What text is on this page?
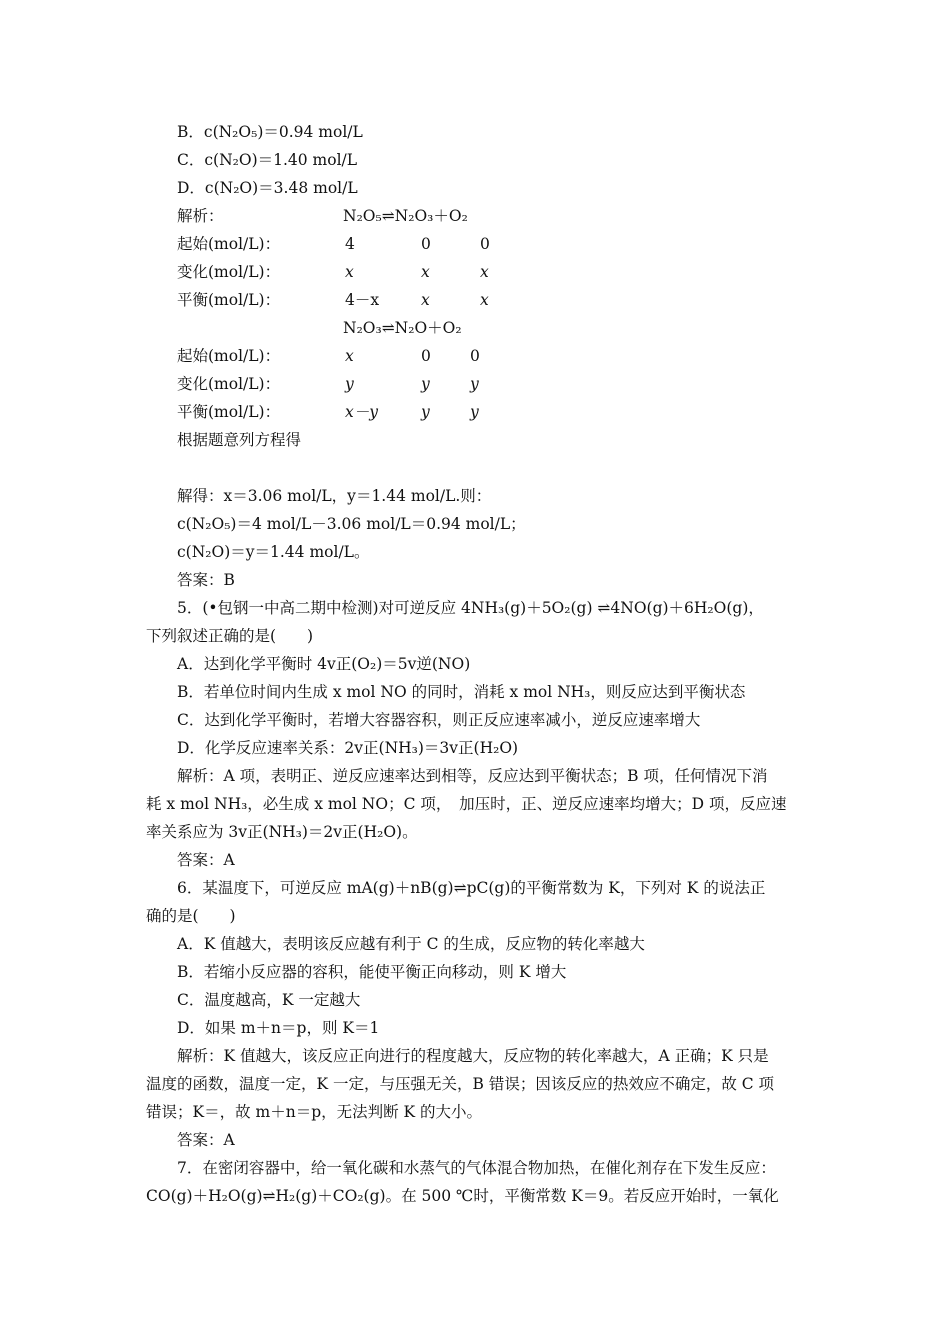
B．c(N₂O₅)＝0.94 mol/L
C．c(N₂O)＝1.40 mol/L
D．c(N₂O)＝3.48 mol/L
解析：	N₂O₅⇌N₂O₃＋O₂
起始(mol/L)：	4	0	0
变化(mol/L)：	x	x	x
平衡(mol/L)：	4－x	x	x
N₂O₃⇌N₂O＋O₂
起始(mol/L)：	x	0	0
变化(mol/L)：	y	y	y
平衡(mol/L)：	x－y	y	y
根据题意列方程得
解得：x＝3.06 mol/L，y＝1.44 mol/L.则：
c(N₂O₅)＝4 mol/L－3.06 mol/L＝0.94 mol/L；
c(N₂O)＝y＝1.44 mol/L。
答案：B
5．(•包钢一中高二期中检测)对可逆反应 4NH₃(g)＋5O₂(g) ⇌4NO(g)＋6H₂O(g)，
下列叙述正确的是(　　)
A．达到化学平衡时 4v正(O₂)＝5v逆(NO)
B．若单位时间内生成 x mol NO 的同时，消耗 x mol NH₃，则反应达到平衡状态
C．达到化学平衡时，若增大容器容积，则正反应速率减小，逆反应速率增大
D．化学反应速率关系：2v正(NH₃)＝3v正(H₂O)
解析：A 项，表明正、逆反应速率达到相等，反应达到平衡状态；B 项，任何情况下消
耗 x mol NH₃，必生成 x mol NO；C 项，　加压时，正、逆反应速率均增大；D 项，反应速
率关系应为 3v正(NH₃)＝2v正(H₂O)。
答案：A
6．某温度下，可逆反应 mA(g)＋nB(g)⇌pC(g)的平衡常数为 K，下列对 K 的说法正
确的是(　　)
A．K 值越大，表明该反应越有利于 C 的生成，反应物的转化率越大
B．若缩小反应器的容积，能使平衡正向移动，则 K 增大
C．温度越高，K 一定越大
D．如果 m＋n＝p，则 K＝1
解析：K 值越大，该反应正向进行的程度越大，反应物的转化率越大，A 正确；K 只是
温度的函数，温度一定，K 一定，与压强无关，B 错误；因该反应的热效应不确定，故 C 项
错误；K＝，故 m＋n＝p，无法判断 K 的大小。
答案：A
7．在密闭容器中，给一氧化碳和水蒸气的气体混合物加热，在催化剂存在下发生反应：
CO(g)＋H₂O(g)⇌H₂(g)＋CO₂(g)。在 500 ℃时，平衡常数 K＝9。若反应开始时，一氧化
